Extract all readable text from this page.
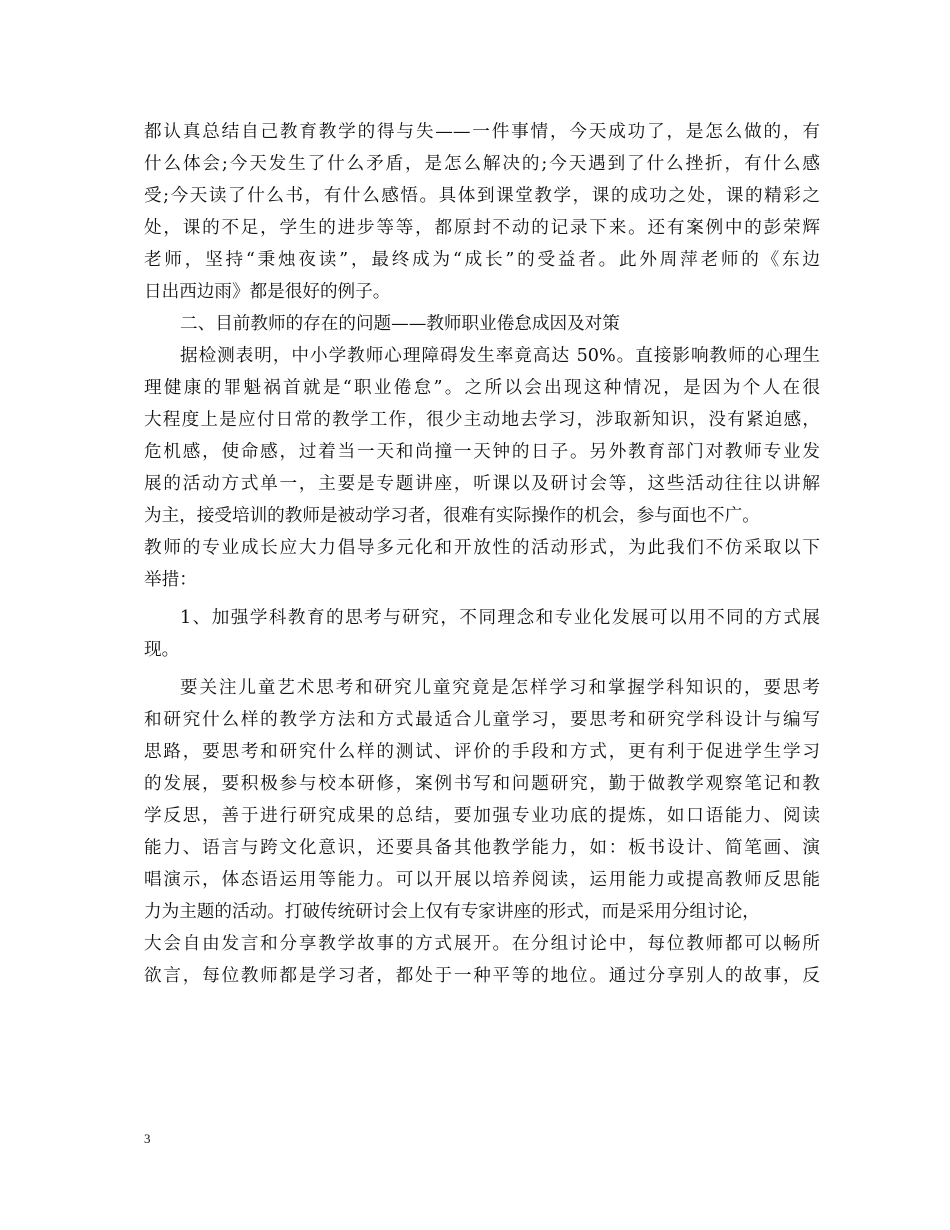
都认真总结自己教育教学的得与失——一件事情，今天成功了，是怎么做的，有
什么体会;今天发生了什么矛盾，是怎么解决的;今天遇到了什么挫折，有什么感
受;今天读了什么书，有什么感悟。具体到课堂教学，课的成功之处，课的精彩之
处，课的不足，学生的进步等等，都原封不动的记录下来。还有案例中的彭荣辉
老师，坚持“秉烛夜读”，最终成为“成长”的受益者。此外周萍老师的《东边
日出西边雨》都是很好的例子。
二、目前教师的存在的问题——教师职业倦怠成因及对策
据检测表明，中小学教师心理障碍发生率竟高达 50%。直接影响教师的心理生
理健康的罪魁祸首就是“职业倦怠”。之所以会出现这种情况，是因为个人在很
大程度上是应付日常的教学工作，很少主动地去学习，涉取新知识，没有紧迫感，
危机感，使命感，过着当一天和尚撞一天钟的日子。另外教育部门对教师专业发
展的活动方式单一，主要是专题讲座，听课以及研讨会等，这些活动往往以讲解
为主，接受培训的教师是被动学习者，很难有实际操作的机会，参与面也不广。
教师的专业成长应大力倡导多元化和开放性的活动形式，为此我们不仿采取以下
举措：
1、加强学科教育的思考与研究，不同理念和专业化发展可以用不同的方式展
现。
要关注儿童艺术思考和研究儿童究竟是怎样学习和掌握学科知识的，要思考
和研究什么样的教学方法和方式最适合儿童学习，要思考和研究学科设计与编写
思路，要思考和研究什么样的测试、评价的手段和方式，更有利于促进学生学习
的发展，要积极参与校本研修，案例书写和问题研究，勤于做教学观察笔记和教
学反思，善于进行研究成果的总结，要加强专业功底的提炼，如口语能力、阅读
能力、语言与跨文化意识，还要具备其他教学能力，如：板书设计、简笔画、演
唱演示，体态语运用等能力。可以开展以培养阅读，运用能力或提高教师反思能
力为主题的活动。打破传统研讨会上仅有专家讲座的形式，而是采用分组讨论，
大会自由发言和分享教学故事的方式展开。在分组讨论中，每位教师都可以畅所
欲言，每位教师都是学习者，都处于一种平等的地位。通过分享别人的故事，反
3
